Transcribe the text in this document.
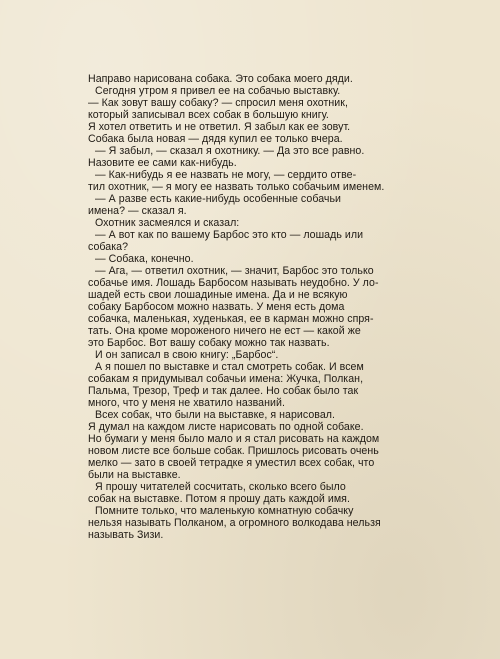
Направо нарисована собака. Это собака моего дяди.

Сегодня утром я привел ее на собачью выставку.

— Как зовут вашу собаку? — спросил меня охотник,

который записывал всех собак в большую книгу.

Я хотел ответить и не ответил. Я забыл как ее зовут.

Собака была новая — дядя купил ее только вчера.

— Я забыл, — сказал я охотнику. — Да это все равно.

Назовите ее сами как-нибудь.

— Как-нибудь я ее назвать не могу, — сердито отве-

тил охотник, — я могу ее назвать только собачьим именем.

— А разве есть какие-нибудь особенные собачьи

имена? — сказал я.

Охотник засмеялся и сказал:

— А вот как по вашему Барбос это кто — лошадь или

собака?

— Собака, конечно.

— Ага, — ответил охотник, — значит, Барбос это только

собачье имя. Лошадь Барбосом называть неудобно. У ло-

шадей есть свои лошадиные имена. Да и не всякую

собаку Барбосом можно назвать. У меня есть дома

собачка, маленькая, худенькая, ее в карман можно спря-

тать. Она кроме мороженого ничего не ест — какой же

это Барбос. Вот вашу собаку можно так назвать.

И он записал в свою книгу: „Барбос“.

А я пошел по выставке и стал смотреть собак. И всем

собакам я придумывал собачьи имена: Жучка, Полкан,

Пальма, Трезор, Треф и так далее. Но собак было так

много, что у меня не хватило названий.

Всех собак, что были на выставке, я нарисовал.

Я думал на каждом листе нарисовать по одной собаке.

Но бумаги у меня было мало и я стал рисовать на каждом

новом листе все больше собак. Пришлось рисовать очень

мелко — зато в своей тетрадке я уместил всех собак, что

были на выставке.

Я прошу читателей сосчитать, сколько всего было

собак на выставке. Потом я прошу дать каждой имя.

Помните только, что маленькую комнатную собачку

нельзя называть Полканом, а огромного волкодава нельзя

называть Зизи.
